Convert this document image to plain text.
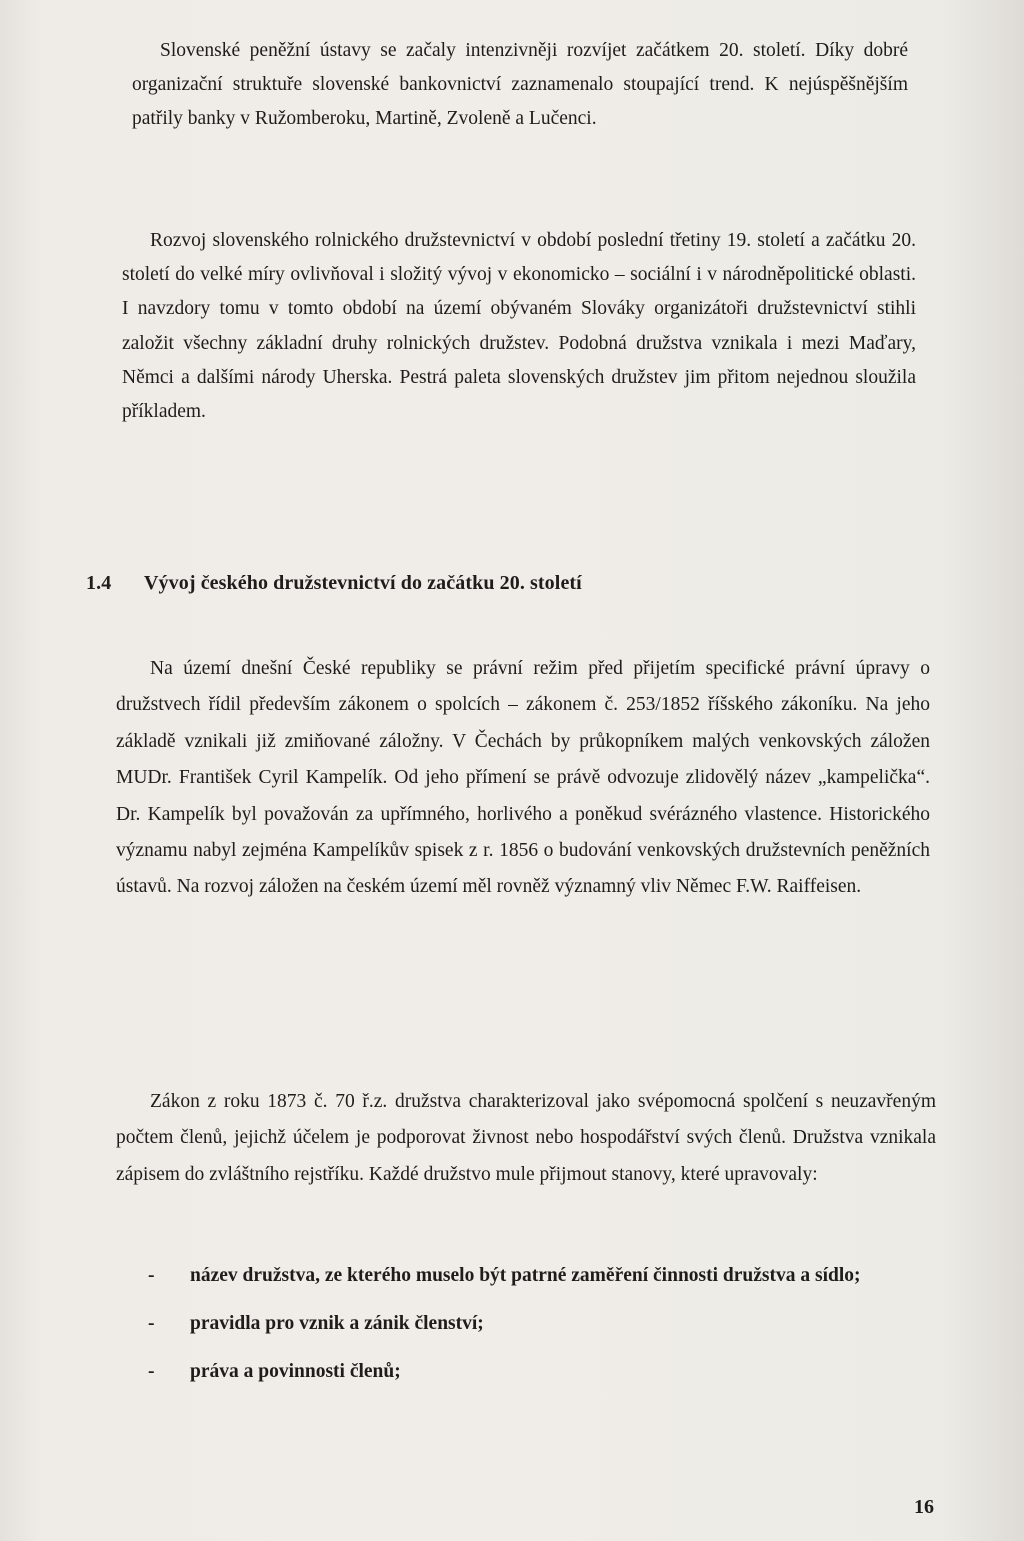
Slovenské peněžní ústavy se začaly intenzivněji rozvíjet začátkem 20. století. Díky dobré organizační struktuře slovenské bankovnictví zaznamenalo stoupající trend. K nejúspěšnějším patřily banky v Ružomberoku, Martině, Zvoleně a Lučenci.

Rozvoj slovenského rolnického družstevnictví v období poslední třetiny 19. století a začátku 20. století do velké míry ovlivňoval i složitý vývoj v ekonomicko – sociální i v národněpolitické oblasti. I navzdory tomu v tomto období na území obývaném Slováky organizátoři družstevnictví stihli založit všechny základní druhy rolnických družstev. Podobná družstva vznikala i mezi Maďary, Němci a dalšími národy Uherska. Pestrá paleta slovenských družstev jim přitom nejednou sloužila příkladem.

1.4 Vývoj českého družstevnictví do začátku 20. století

Na území dnešní České republiky se právní režim před přijetím specifické právní úpravy o družstvech řídil především zákonem o spolcích – zákonem č. 253/1852 říšského zákoníku. Na jeho základě vznikali již zmiňované záložny. V Čechách by průkopníkem malých venkovských záložen MUDr. František Cyril Kampelík. Od jeho přímení se právě odvozuje zlidovělý název „kampelička“. Dr. Kampelík byl považován za upřímného, horlivého a poněkud svérázného vlastence. Historického významu nabyl zejména Kampelíkův spisek z r. 1856 o budování venkovských družstevních peněžních ústavů. Na rozvoj záložen na českém území měl rovněž významný vliv Němec F.W. Raiffeisen.

Zákon z roku 1873 č. 70 ř.z. družstva charakterizoval jako svépomocná spolčení s neuzavřeným počtem členů, jejichž účelem je podporovat živnost nebo hospodářství svých členů. Družstva vznikala zápisem do zvláštního rejstříku. Každé družstvo mule přijmout stanovy, které upravovaly:

- název družstva, ze kterého muselo být patrné zaměření činnosti družstva a sídlo;
- pravidla pro vznik a zánik členství;
- práva a povinnosti členů;
16
